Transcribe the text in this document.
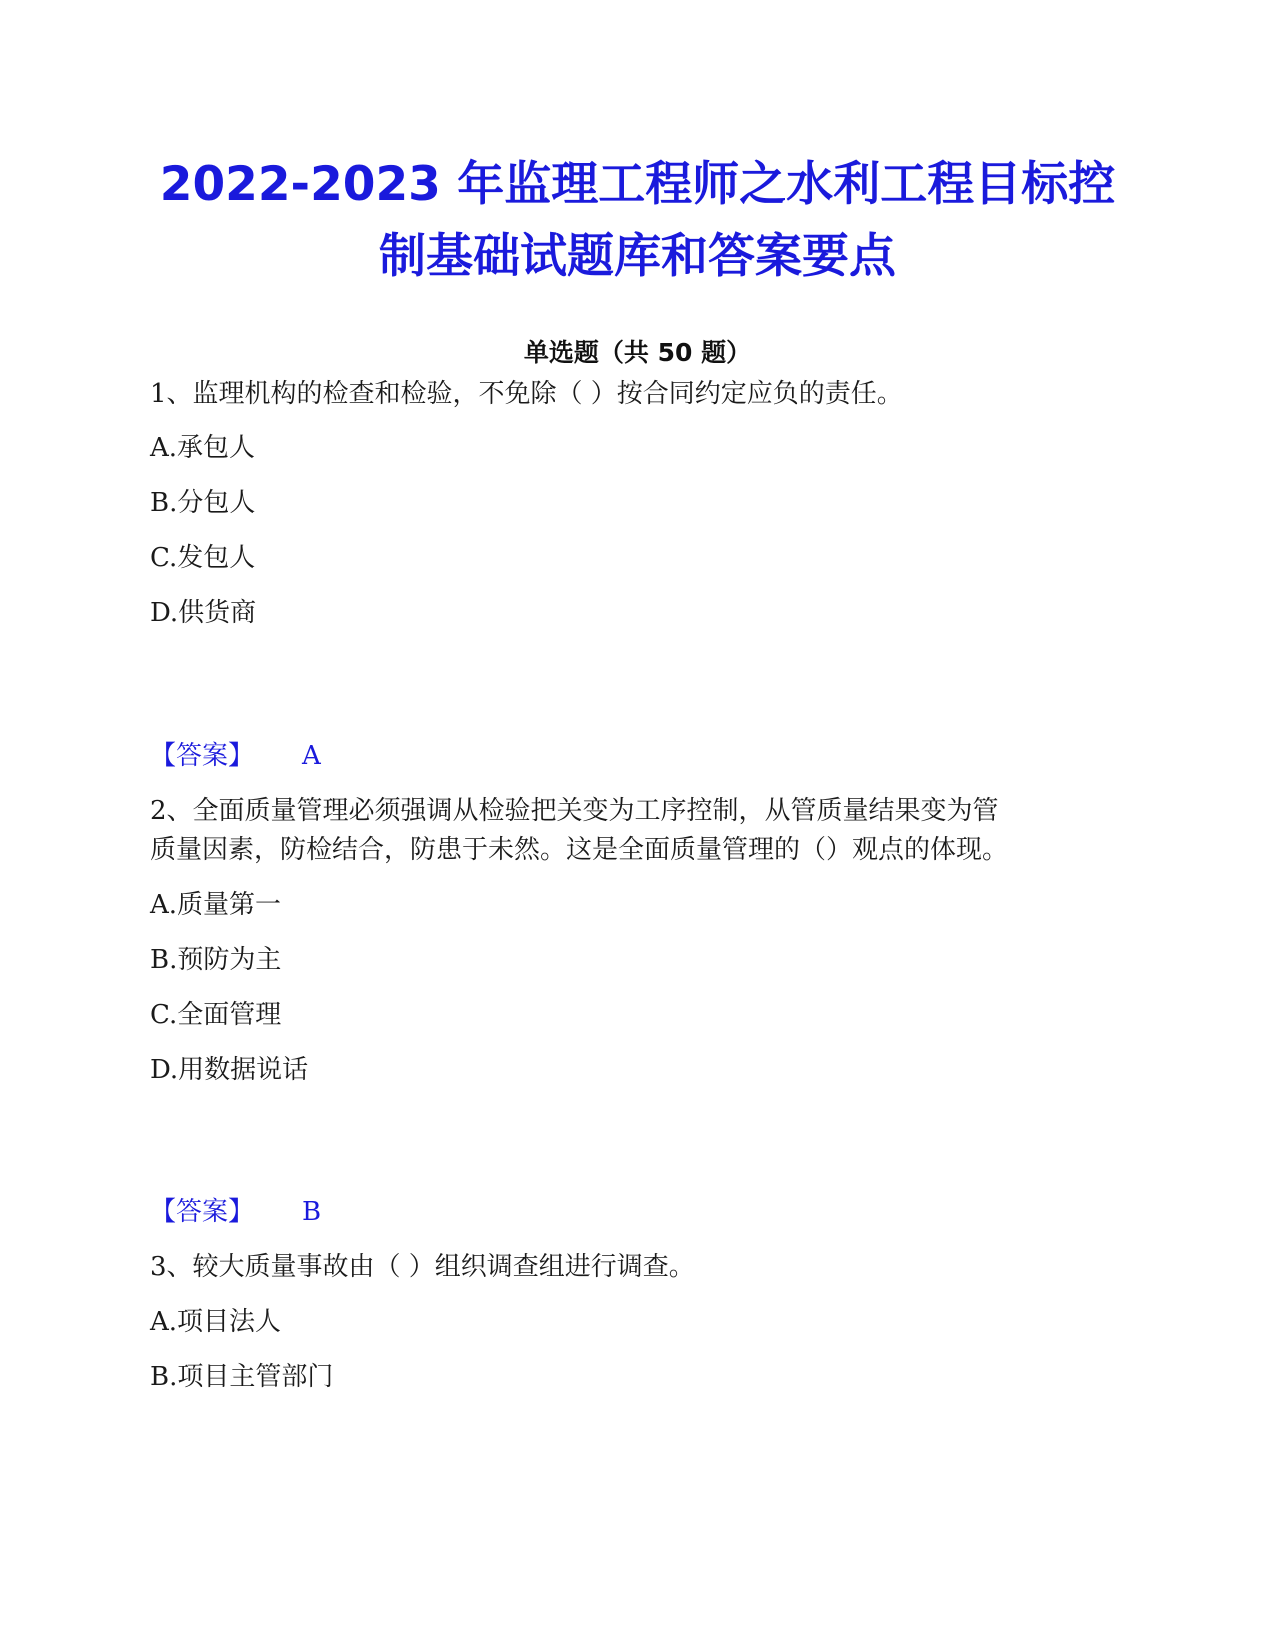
2022-2023 年监理工程师之水利工程目标控
制基础试题库和答案要点
单选题（共 50 题）
1、监理机构的检查和检验，不免除（ ）按合同约定应负的责任。
A.承包人
B.分包人
C.发包人
D.供货商
【答案】 A
2、全面质量管理必须强调从检验把关变为工序控制，从管质量结果变为管
质量因素，防检结合，防患于未然。这是全面质量管理的（）观点的体现。
A.质量第一
B.预防为主
C.全面管理
D.用数据说话
【答案】 B
3、较大质量事故由（ ）组织调查组进行调查。
A.项目法人
B.项目主管部门
